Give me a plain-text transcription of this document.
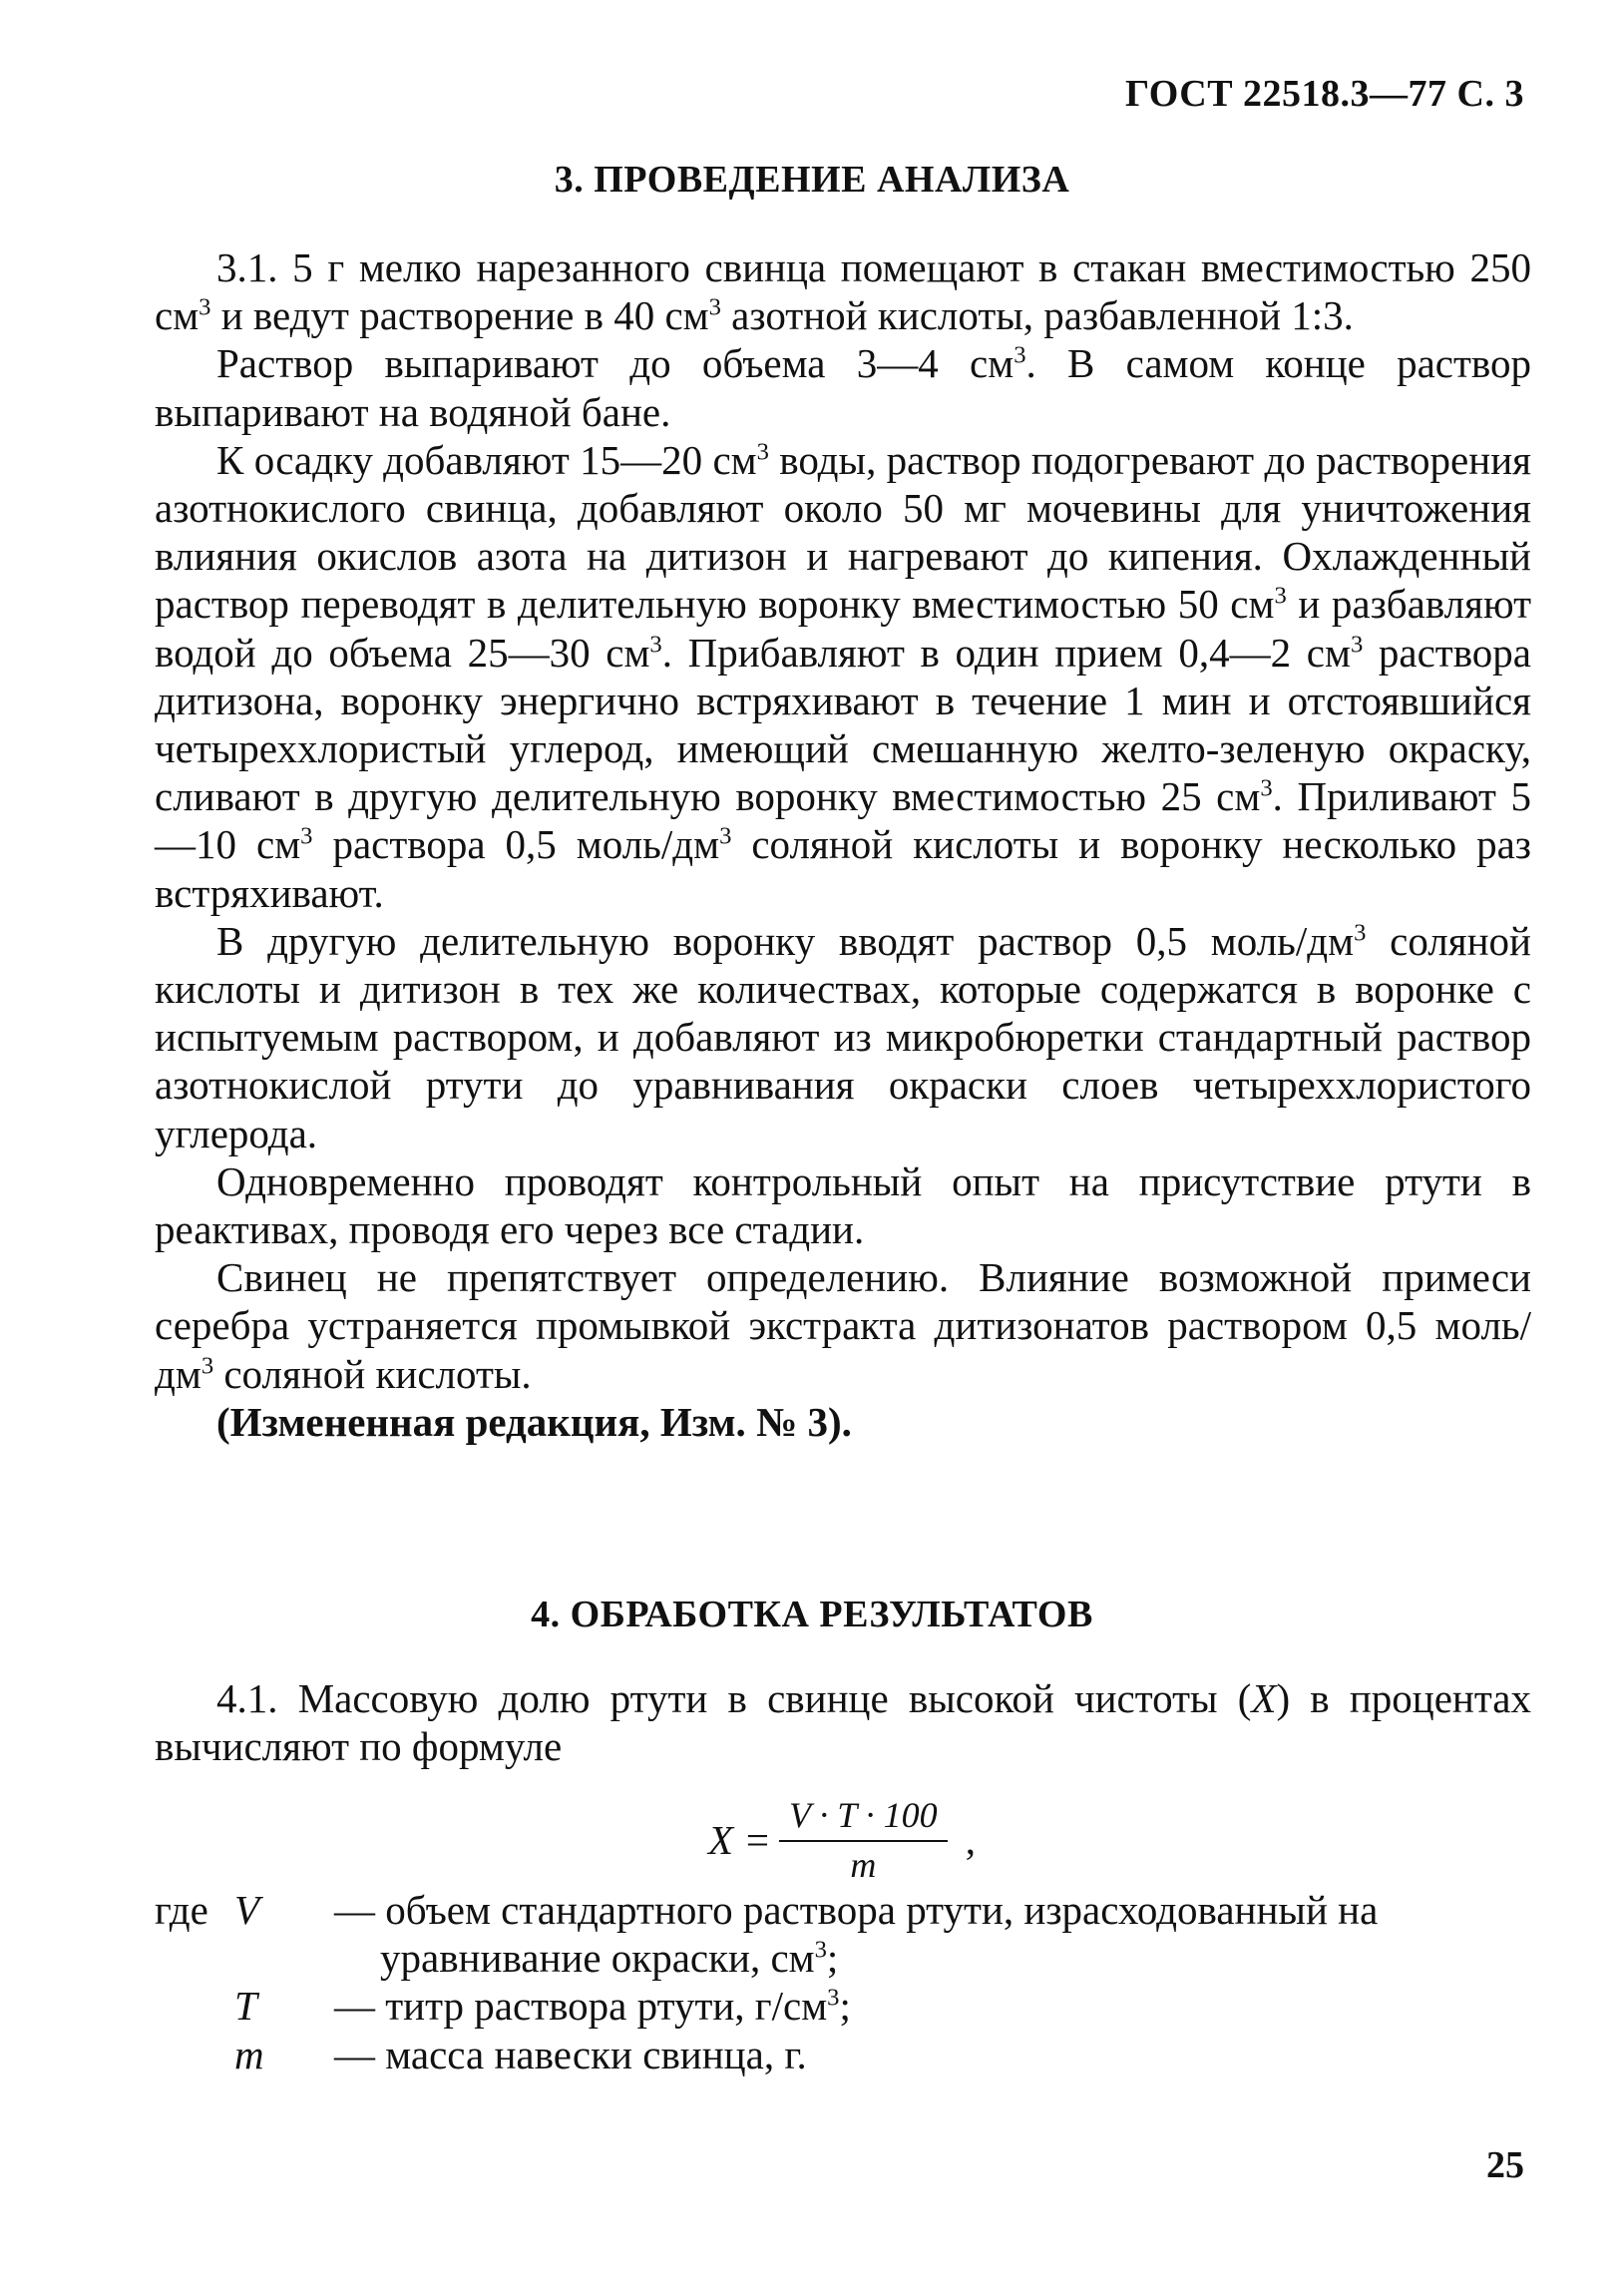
ГОСТ 22518.3—77 С. 3
3. ПРОВЕДЕНИЕ АНАЛИЗА

3.1. 5 г мелко нарезанного свинца помещают в стакан вместимостью 250 $см^3$ и ведут растворение в 40 $см^3$ азотной кислоты, разбавленной 1:3.

Раствор выпаривают до объема 3—4 $см^3$. В самом конце раствор выпаривают на водяной бане.

К осадку добавляют 15—20 $см^3$ воды, раствор подогревают до растворения азотнокислого свинца, добавляют около 50 мг мочевины для уничтожения влияния окислов азота на дитизон и нагревают до кипения. Охлажденный раствор переводят в делительную воронку вместимостью 50 $см^3$ и разбавляют водой до объема 25—30 $см^3$. Прибавляют в один прием 0,4—2 $см^3$ раствора дитизона, воронку энергично встряхивают в течение 1 мин и отстоявшийся четыреххлористый углерод, имеющий смешанную желто-зеленую окраску, сливают в другую делительную воронку вместимостью 25 $см^3$. Приливают 5—10 $см^3$ раствора 0,5 моль/$дм^3$ соляной кислоты и воронку несколько раз встряхивают.

В другую делительную воронку вводят раствор 0,5 моль/$дм^3$ соляной кислоты и дитизон в тех же количествах, которые содержатся в воронке с испытуемым раствором, и добавляют из микробюретки стандартный раствор азотнокислой ртути до уравнивания окраски слоев четыреххлористого углерода.

Одновременно проводят контрольный опыт на присутствие ртути в реактивах, проводя его через все стадии.

Свинец не препятствует определению. Влияние возможной примеси серебра устраняется промывкой экстракта дитизонатов раствором 0,5 моль/$дм^3$ соляной кислоты.

(Измененная редакция, Изм. № 3).

4. ОБРАБОТКА РЕЗУЛЬТАТОВ

4.1. Массовую долю ртути в свинце высокой чистоты (X) в процентах вычисляют по формуле

$X = \frac{V \cdot T \cdot 100}{m}$ ,
где V	— объем стандартного раствора ртути, израсходованный на уравнивание окраски, $см^3$;
T	— титр раствора ртути, $г/см^3$;
m	— масса навески свинца, г.
25
